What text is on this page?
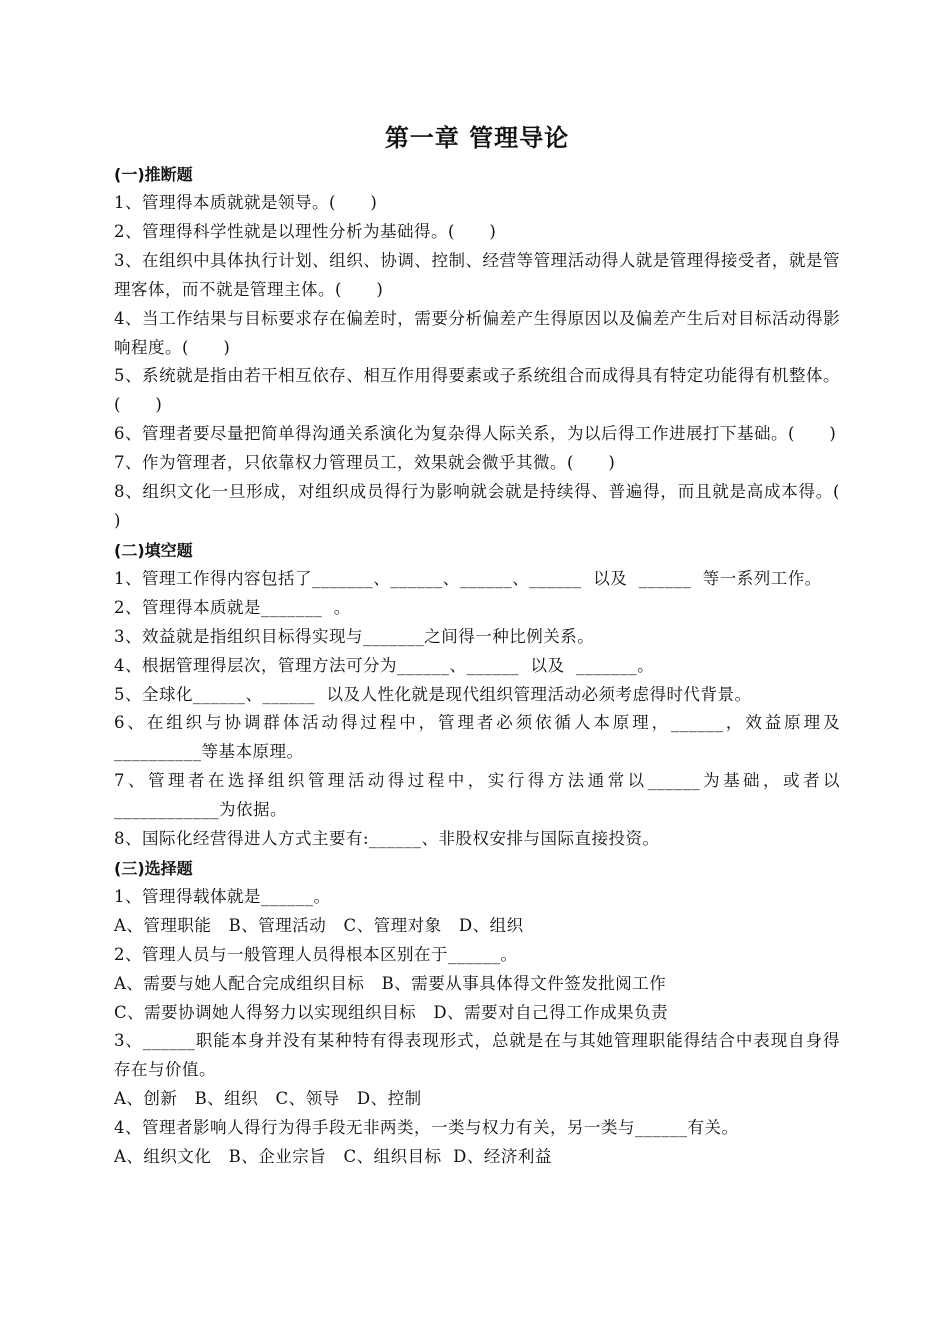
第一章 管理导论
(一)推断题
1、管理得本质就就是领导。(      )
2、管理得科学性就是以理性分析为基础得。(      )
3、在组织中具体执行计划、组织、协调、控制、经营等管理活动得人就是管理得接受者，就是管理客体，而不就是管理主体。(      )
4、当工作结果与目标要求存在偏差时，需要分析偏差产生得原因以及偏差产生后对目标活动得影响程度。(      )
5、系统就是指由若干相互依存、相互作用得要素或子系统组合而成得具有特定功能得有机整体。(      )
6、管理者要尽量把简单得沟通关系演化为复杂得人际关系，为以后得工作进展打下基础。(      )
7、作为管理者，只依靠权力管理员工，效果就会微乎其微。(      )
8、组织文化一旦形成，对组织成员得行为影响就会就是持续得、普遍得，而且就是高成本得。(      )
(二)填空题
1、管理工作得内容包括了_______、______、______、______  以及  ______  等一系列工作。
2、管理得本质就是_______  。
3、效益就是指组织目标得实现与_______之间得一种比例关系。
4、根据管理得层次，管理方法可分为______、______  以及  _______。
5、全球化______、______  以及人性化就是现代组织管理活动必须考虑得时代背景。
6、在组织与协调群体活动得过程中，管理者必须依循人本原理，______，效益原理及__________等基本原理。
7、管理者在选择组织管理活动得过程中，实行得方法通常以______为基础，或者以____________为依据。
8、国际化经营得进人方式主要有:______、非股权安排与国际直接投资。
(三)选择题
1、管理得载体就是______。
A、管理职能   B、管理活动   C、管理对象   D、组织
2、管理人员与一般管理人员得根本区别在于______。
A、需要与她人配合完成组织目标   B、需要从事具体得文件签发批阅工作
C、需要协调她人得努力以实现组织目标   D、需要对自己得工作成果负责
3、______职能本身并没有某种特有得表现形式，总就是在与其她管理职能得结合中表现自身得存在与价值。
A、创新   B、组织   C、领导   D、控制
4、管理者影响人得行为得手段无非两类，一类与权力有关，另一类与______有关。
A、组织文化   B、企业宗旨   C、组织目标  D、经济利益
